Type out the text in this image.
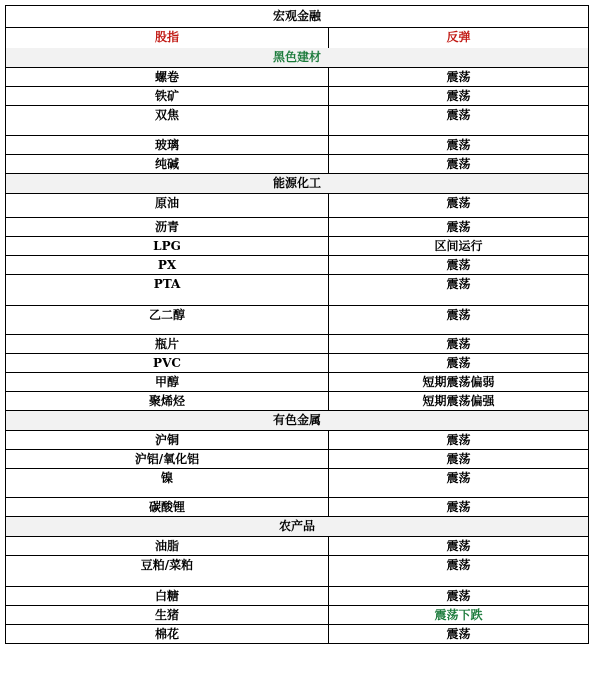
宏观金融
股指	反弹
黑色建材
螺卷	震荡
铁矿	震荡
双焦	震荡
玻璃	震荡
纯碱	震荡
能源化工
原油	震荡
沥青	震荡
LPG	区间运行
PX	震荡
PTA	震荡
乙二醇	震荡
瓶片	震荡
PVC	震荡
甲醇	短期震荡偏弱
聚烯烃	短期震荡偏强
有色金属
沪铜	震荡
沪铝/氧化铝	震荡
镍	震荡
碳酸锂	震荡
农产品
油脂	震荡
豆粕/菜粕	震荡
白糖	震荡
生猪	震荡下跌
棉花	震荡
